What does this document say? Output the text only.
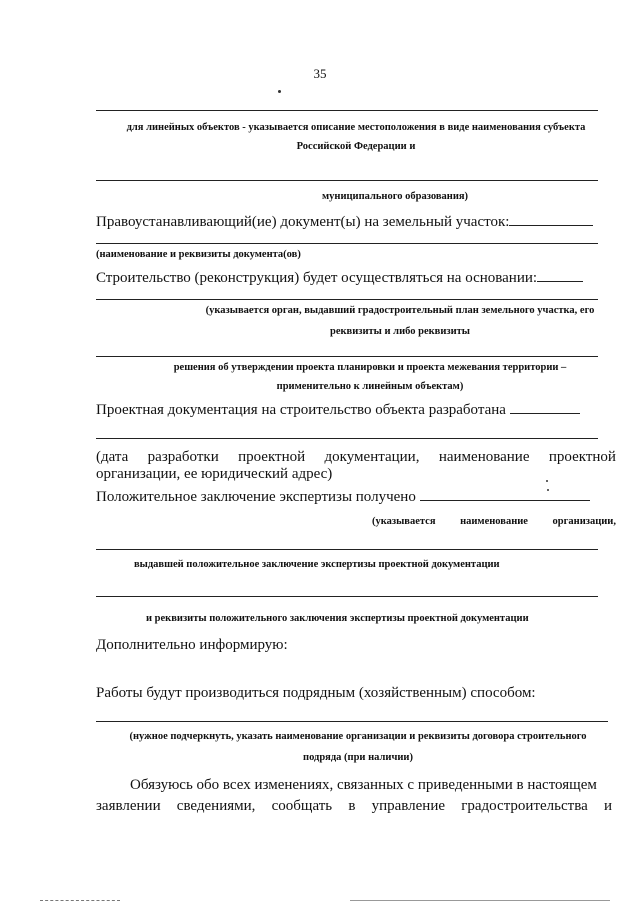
35
для линейных объектов - указывается описание местоположения в виде наименования субъекта
Российской Федерации и
муниципального образования)
Правоустанавливающий(ие) документ(ы) на земельный участок:
(наименование и реквизиты документа(ов)
Строительство (реконструкция) будет осуществляться на основании:
(указывается орган, выдавший градостроительный план земельного участка, его
реквизиты и либо реквизиты
решения об утверждении проекта планировки и проекта межевания территории –
применительно к линейным объектам)
Проектная документация на строительство объекта разработана
(дата разработки проектной документации, наименование проектной
организации, ее юридический адрес)
Положительное заключение экспертизы получено
(указывается наименование организации,
выдавшей положительное заключение экспертизы проектной документации
и реквизиты положительного заключения экспертизы проектной документации
Дополнительно информирую:
Работы будут производиться подрядным (хозяйственным) способом:
(нужное подчеркнуть, указать наименование организации и реквизиты договора строительного
подряда (при наличии)
Обязуюсь обо всех изменениях, связанных с приведенными в настоящем
заявлении сведениями, сообщать в управление градостроительства и
